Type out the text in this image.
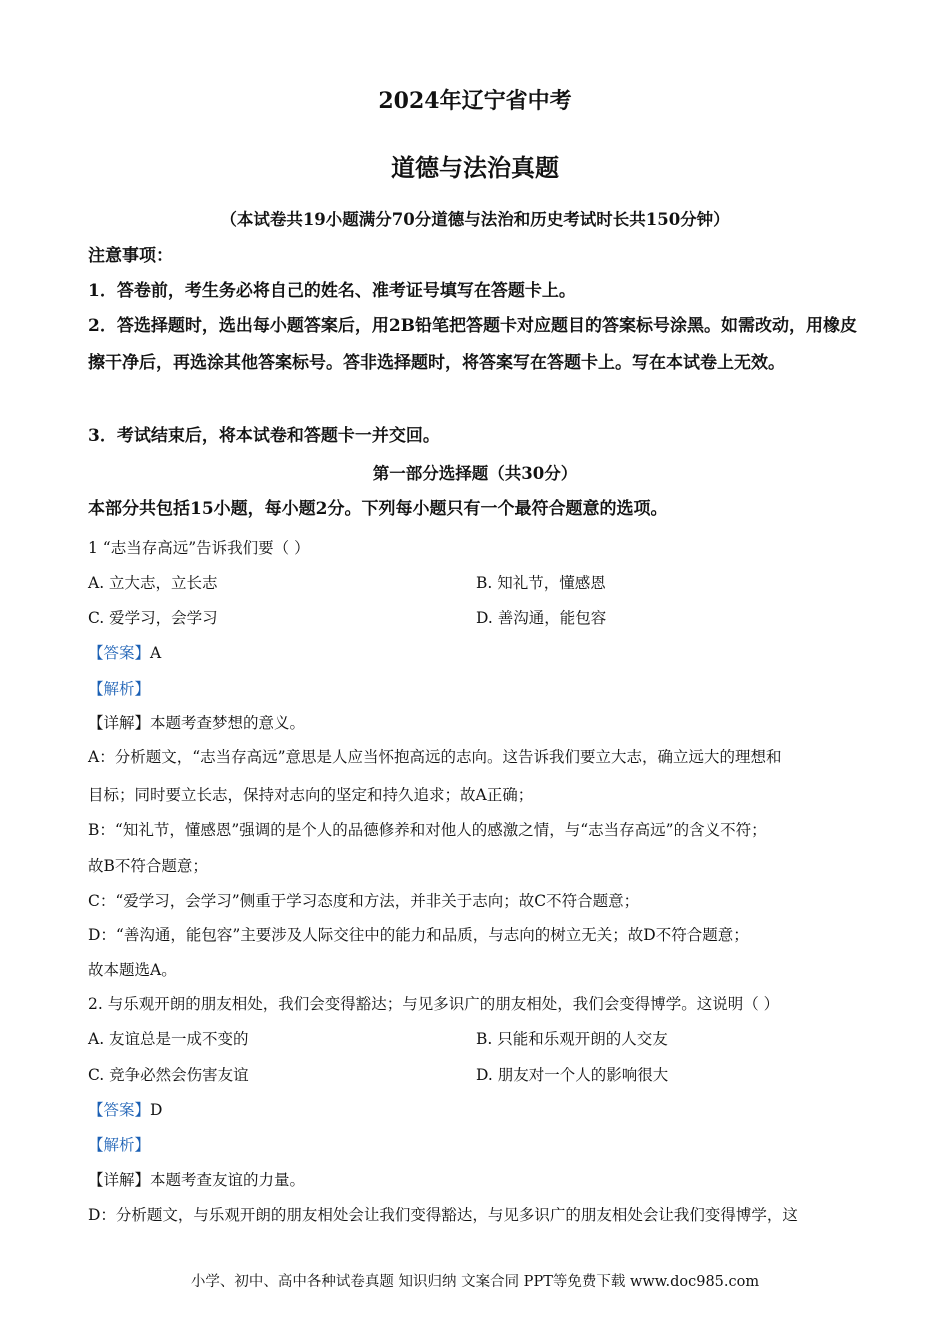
2024年辽宁省中考
道德与法治真题
（本试卷共19小题满分70分道德与法治和历史考试时长共150分钟）
注意事项：
1．答卷前，考生务必将自己的姓名、准考证号填写在答题卡上。
2．答选择题时，选出每小题答案后，用2B铅笔把答题卡对应题目的答案标号涂黑。如需改动，用橡皮擦干净后，再选涂其他答案标号。答非选择题时，将答案写在答题卡上。写在本试卷上无效。
3．考试结束后，将本试卷和答题卡一并交回。
第一部分选择题（共30分）
本部分共包括15小题，每小题2分。下列每小题只有一个最符合题意的选项。
1 “志当存高远”告诉我们要（ ）
A. 立大志，立长志	B. 知礼节，懂感恩
C. 爱学习，会学习	D. 善沟通，能包容
【答案】A
【解析】
【详解】本题考查梦想的意义。
A：分析题文，“志当存高远”意思是人应当怀抱高远的志向。这告诉我们要立大志，确立远大的理想和
目标；同时要立长志，保持对志向的坚定和持久追求；故A正确；
B：“知礼节，懂感恩”强调的是个人的品德修养和对他人的感激之情，与“志当存高远”的含义不符；
故B不符合题意；
C：“爱学习，会学习”侧重于学习态度和方法，并非关于志向；故C不符合题意；
D：“善沟通，能包容”主要涉及人际交往中的能力和品质，与志向的树立无关；故D不符合题意；
故本题选A。
2. 与乐观开朗的朋友相处，我们会变得豁达；与见多识广的朋友相处，我们会变得博学。这说明（ ）
A. 友谊总是一成不变的	B. 只能和乐观开朗的人交友
C. 竞争必然会伤害友谊	D. 朋友对一个人的影响很大
【答案】D
【解析】
【详解】本题考查友谊的力量。
D：分析题文，与乐观开朗的朋友相处会让我们变得豁达，与见多识广的朋友相处会让我们变得博学，这
小学、初中、高中各种试卷真题 知识归纳 文案合同 PPT等免费下载 www.doc985.com
